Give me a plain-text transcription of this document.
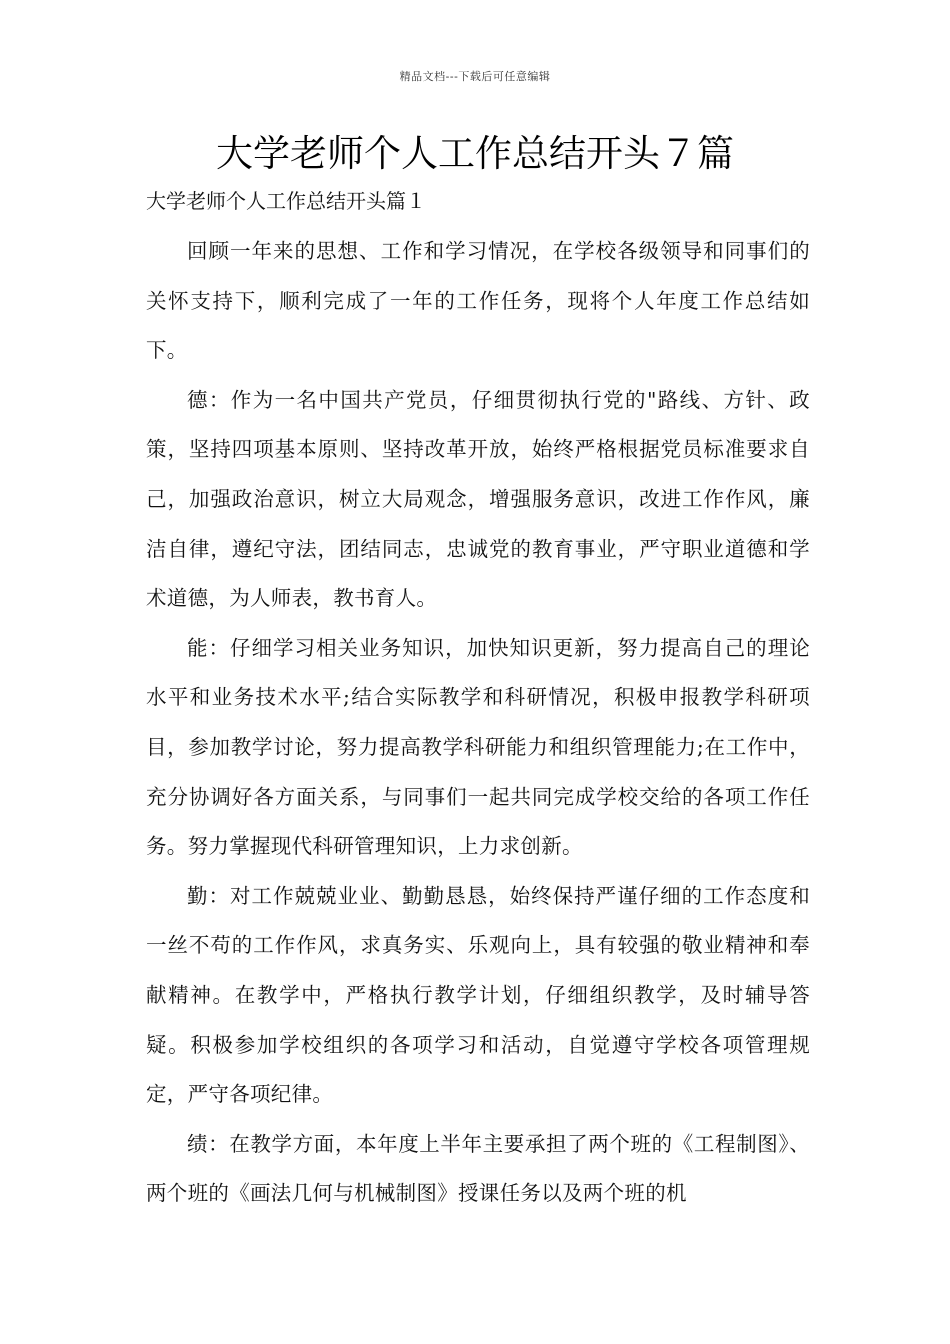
精品文档---下载后可任意编辑
大学老师个人工作总结开头７篇
大学老师个人工作总结开头篇１

回顾一年来的思想、工作和学习情况，在学校各级领导和同事们的关怀支持下，顺利完成了一年的工作任务，现将个人年度工作总结如下。

德：作为一名中国共产党员，仔细贯彻执行党的"路线、方针、政策，坚持四项基本原则、坚持改革开放，始终严格根据党员标准要求自己，加强政治意识，树立大局观念，增强服务意识，改进工作作风，廉洁自律，遵纪守法，团结同志，忠诚党的教育事业，严守职业道德和学术道德，为人师表，教书育人。

能：仔细学习相关业务知识，加快知识更新，努力提高自己的理论水平和业务技术水平;结合实际教学和科研情况，积极申报教学科研项目，参加教学讨论，努力提高教学科研能力和组织管理能力;在工作中，充分协调好各方面关系，与同事们一起共同完成学校交给的各项工作任务。努力掌握现代科研管理知识，上力求创新。

勤：对工作兢兢业业、勤勤恳恳，始终保持严谨仔细的工作态度和一丝不苟的工作作风，求真务实、乐观向上，具有较强的敬业精神和奉献精神。在教学中，严格执行教学计划，仔细组织教学，及时辅导答疑。积极参加学校组织的各项学习和活动，自觉遵守学校各项管理规定，严守各项纪律。

绩：在教学方面，本年度上半年主要承担了两个班的《工程制图》、两个班的《画法几何与机械制图》授课任务以及两个班的机
